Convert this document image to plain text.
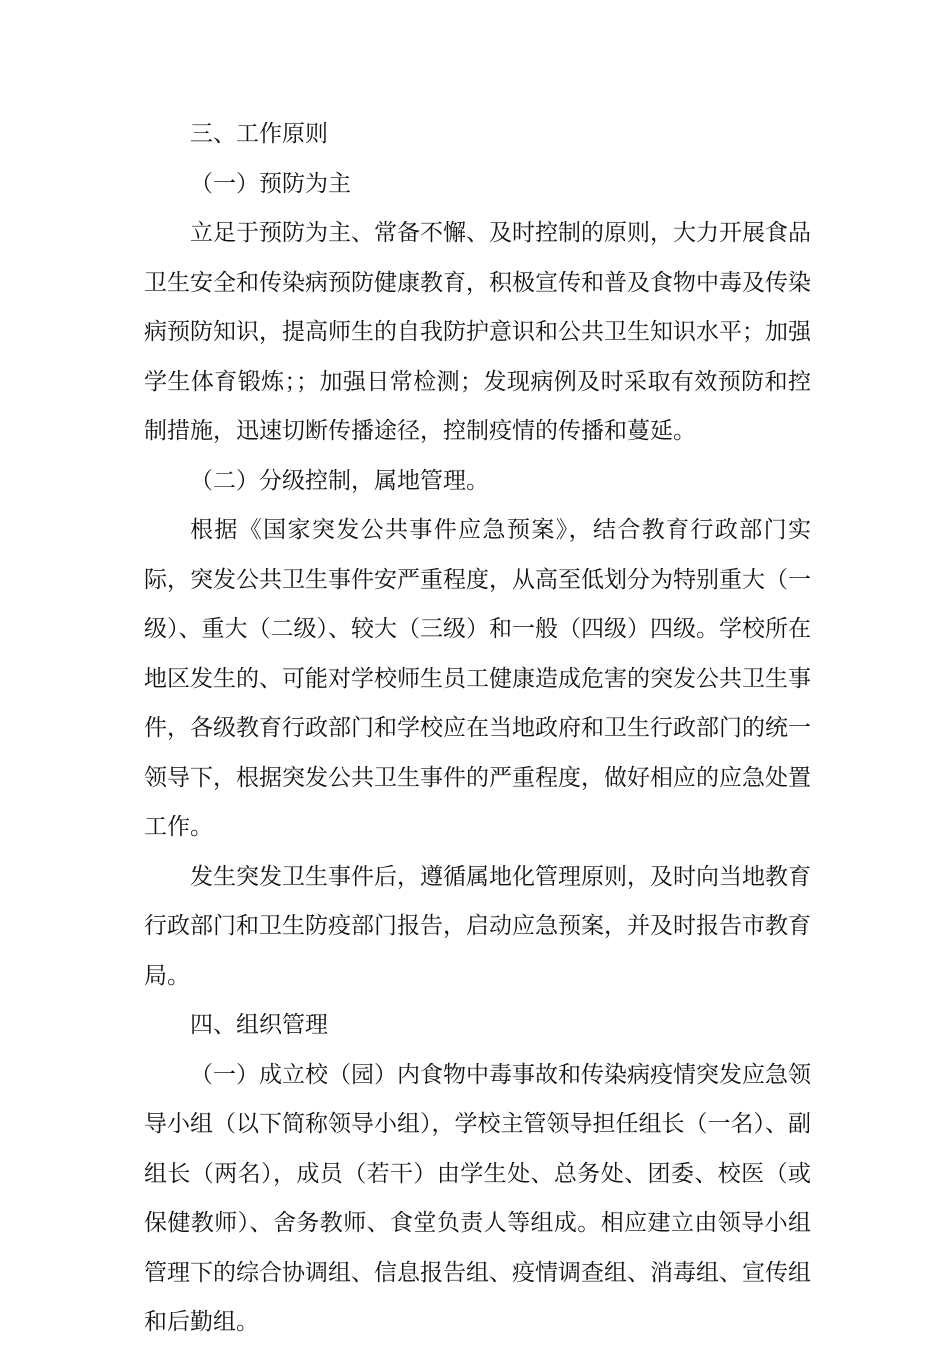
三、工作原则

（一）预防为主

立足于预防为主、常备不懈、及时控制的原则，大力开展食品卫生安全和传染病预防健康教育，积极宣传和普及食物中毒及传染病预防知识，提高师生的自我防护意识和公共卫生知识水平；加强学生体育锻炼；；加强日常检测；发现病例及时采取有效预防和控制措施，迅速切断传播途径，控制疫情的传播和蔓延。

（二）分级控制，属地管理。

根据《国家突发公共事件应急预案》，结合教育行政部门实际，突发公共卫生事件安严重程度，从高至低划分为特别重大（一级）、重大（二级）、较大（三级）和一般（四级）四级。学校所在地区发生的、可能对学校师生员工健康造成危害的突发公共卫生事件，各级教育行政部门和学校应在当地政府和卫生行政部门的统一领导下，根据突发公共卫生事件的严重程度，做好相应的应急处置工作。

发生突发卫生事件后，遵循属地化管理原则，及时向当地教育行政部门和卫生防疫部门报告，启动应急预案，并及时报告市教育局。

四、组织管理

（一）成立校（园）内食物中毒事故和传染病疫情突发应急领导小组（以下简称领导小组），学校主管领导担任组长（一名）、副组长（两名），成员（若干）由学生处、总务处、团委、校医（或保健教师）、舍务教师、食堂负责人等组成。相应建立由领导小组管理下的综合协调组、信息报告组、疫情调查组、消毒组、宣传组和后勤组。
